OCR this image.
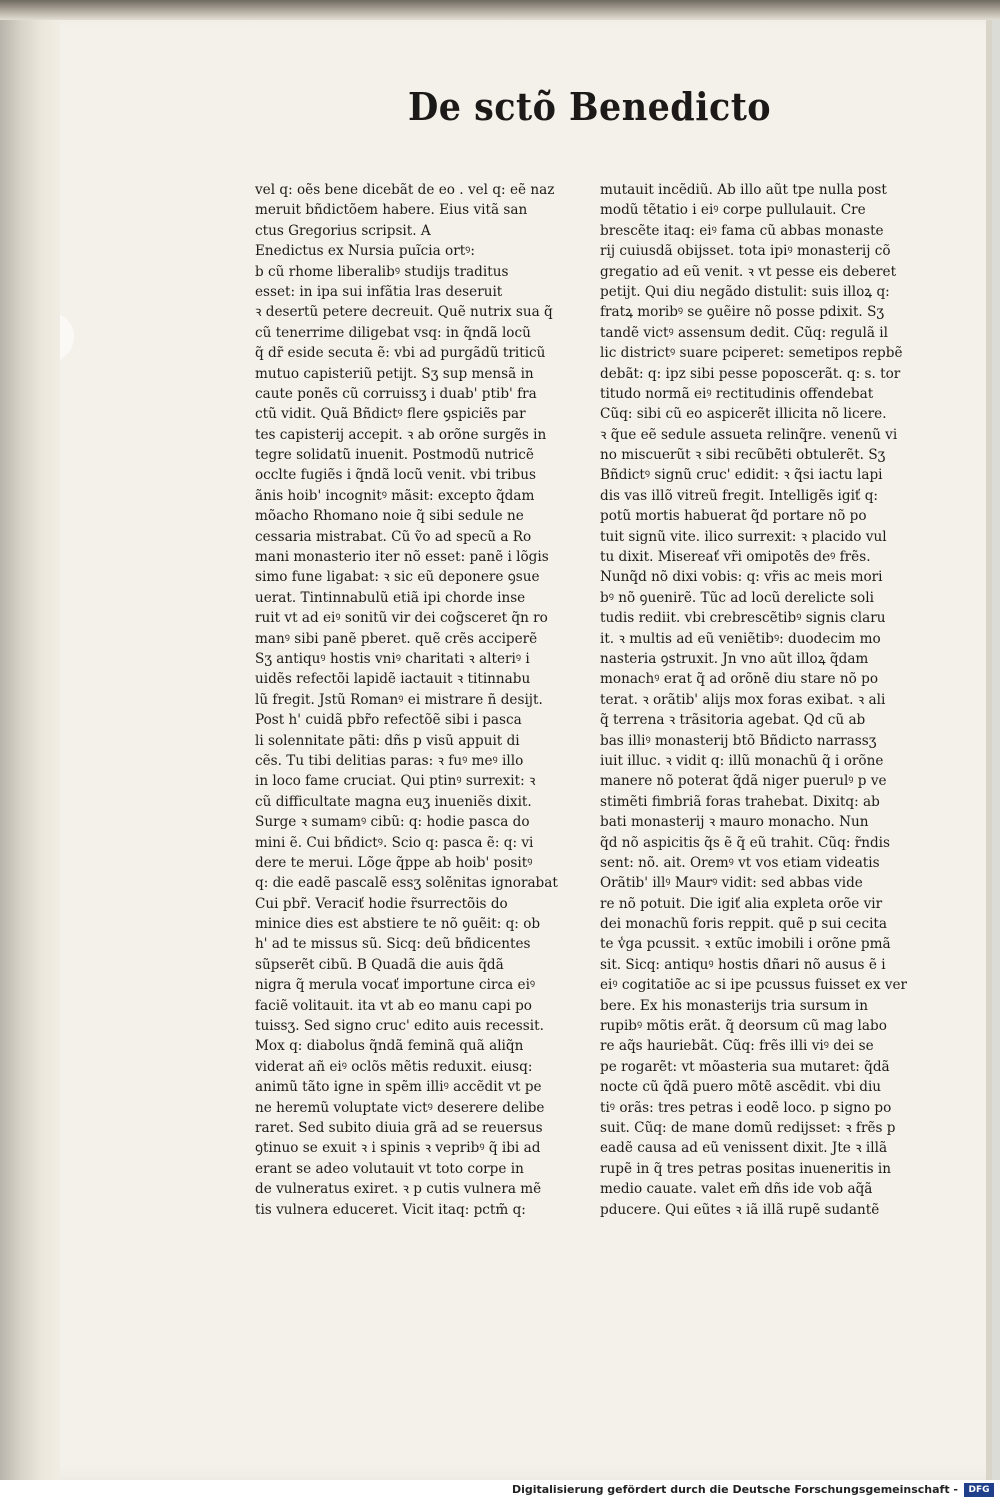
De sctõ Benedicto
vel q: oẽs bene dicebãt de eo . vel q: eẽ naz
meruit bñdictõem habere. Eius vitã san
ctus Gregorius scripsit. A
Enedictus ex Nursia puĩcia ortꝰ:
b cũ rhome liberalibꝰ studijs traditus
esset: in ipa sui infãtia lras deseruit
ꝛ desertũ petere decreuit. Quẽ nutrix sua q̃
cũ tenerrime diligebat vsq: in q̃ndã locũ
q̃ dr̃ eside secuta ẽ: vbi ad purgãdũ triticũ
mutuo capisteriũ petijt. Sʒ sup mensã in
caute ponẽs cũ corruissʒ i duab' ptib' fra
ctũ vidit. Quã Bñdictꝰ flere ꝯspiciẽs par
tes capisterij accepit. ꝛ ab orõne surgẽs in
tegre solidatũ inuenit. Postmodũ nutricẽ
occlte fugiẽs i q̃ndã locũ venit. vbi tribus
ãnis hoib' incognitꝰ mãsit: excepto q̃dam
mõacho Rhomano noie q̃ sibi sedule ne
cessaria mistrabat. Cũ ṽo ad specũ a Ro
mani monasterio iter nõ esset: panẽ i lõgis
simo fune ligabat: ꝛ sic eũ deponere ꝯsue
uerat. Tintinnabulũ etiã ipi chorde inse
ruit vt ad eiꝰ sonitũ vir dei cog̃sceret q̃n ro
manꝰ sibi panẽ pberet. quẽ crẽs acciperẽ
Sʒ antiquꝰ hostis vniꝰ charitati ꝛ alteriꝰ i
uidẽs refectõi lapidẽ iactauit ꝛ titinnabu
lũ fregit. Jstũ Romanꝰ ei mistrare ñ desijt.
Post h' cuidã pbr̃o refectõẽ sibi i pasca
li solennitate pãti: dñs p visũ appuit di
cẽs. Tu tibi delitias paras: ꝛ fuꝰ meꝰ illo
in loco fame cruciat. Qui ptinꝰ surrexit: ꝛ
cũ difficultate magna euʒ inueniẽs dixit.
Surge ꝛ sumamꝰ cibũ: q: hodie pasca do
mini ẽ. Cui bñdictꝰ. Scio q: pasca ẽ: q: vi
dere te merui. Lõge q̃ppe ab hoib' positꝰ
q: die eadẽ pascalẽ essʒ solẽnitas ignorabat
Cui pbr̃. Veraciť hodie r̃surrectõis do
minice dies est abstiere te nõ ꝯuẽit: q: ob
h' ad te missus sũ. Sicq: deũ bñdicentes
sũpserẽt cibũ. B Quadã die auis q̃dã
nigra q̃ merula vocať importune circa eiꝰ
faciẽ volitauit. ita vt ab eo manu capi po
tuissʒ. Sed signo cruc' edito auis recessit.
Mox q: diabolus q̃ndã feminã quã aliq̃n
viderat añ eiꝰ oclõs mẽtis reduxit. eiusq:
animũ tãto igne in spẽm illiꝰ accẽdit vt pe
ne heremũ voluptate victꝰ deserere delibe
raret. Sed subito diuia grã ad se reuersus
ꝯtinuo se exuit ꝛ i spinis ꝛ vepribꝰ q̃ ibi ad
erant se adeo volutauit vt toto corpe in
de vulneratus exiret. ꝛ p cutis vulnera mẽ
tis vulnera educeret. Vicit itaq: pctm̃ q:
mutauit incẽdiũ. Ab illo aũt tpe nulla post
modũ tẽtatio i eiꝰ corpe pullulauit. Cre
brescẽte itaq: eiꝰ fama cũ abbas monaste
rij cuiusdã obijsset. tota ipiꝰ monasterij cõ
gregatio ad eũ venit. ꝛ vt pesse eis deberet
petijt. Qui diu negãdo distulit: suis illoꝝ q:
fratꝝ moribꝰ se ꝯuẽire nõ posse pdixit. Sʒ
tandẽ victꝰ assensum dedit. Cũq: regulã il
lic districtꝰ suare pciperet: semetipos repbẽ
debãt: q: ipz sibi pesse poposcerãt. q: s. tor
titudo normã eiꝰ rectitudinis offendebat
Cũq: sibi cũ eo aspicerẽt illicita nõ licere.
ꝛ q̃ue eẽ sedule assueta relinq̃re. venenũ vi
no miscuerũt ꝛ sibi recũbẽti obtulerẽt. Sʒ
Bñdictꝰ signũ cruc' edidit: ꝛ q̃si iactu lapi
dis vas illõ vitreũ fregit. Intelligẽs igiť q:
potũ mortis habuerat q̃d portare nõ po
tuit signũ vite. ilico surrexit: ꝛ placido vul
tu dixit. Misereať vr̃i omipotẽs deꝰ frẽs.
Nunq̃d nõ dixi vobis: q: vr̃is ac meis mori
bꝰ nõ ꝯuenirẽ. Tũc ad locũ derelicte soli
tudis rediit. vbi crebrescẽtibꝰ signis claru
it. ꝛ multis ad eũ veniẽtibꝰ: duodecim mo
nasteria ꝯstruxit. Jn vno aũt illoꝝ q̃dam
monachꝰ erat q̃ ad orõnẽ diu stare nõ po
terat. ꝛ orãtib' alijs mox foras exibat. ꝛ ali
q̃ terrena ꝛ trãsitoria agebat. Qd cũ ab
bas illiꝰ monasterij btõ Bñdicto narrassʒ
iuit illuc. ꝛ vidit q: illũ monachũ q̃ i orõne
manere nõ poterat q̃dã niger puerulꝰ p ve
stimẽti fimbriã foras trahebat. Dixitq: ab
bati monasterij ꝛ mauro monacho. Nun
q̃d nõ aspicitis q̃s ẽ q̃ eũ trahit. Cũq: r̃ndis
sent: nõ. ait. Oremꝰ vt vos etiam videatis
Orãtib' illꝰ Maurꝰ vidit: sed abbas vide
re nõ potuit. Die igiť alia expleta orõe vir
dei monachũ foris reppit. quẽ p sui cecita
te v̾ga pcussit. ꝛ extũc imobili i orõne pmã
sit. Sicq: antiquꝰ hostis dñari nõ ausus ẽ i
eiꝰ cogitatiõe ac si ipe pcussus fuisset ex ver
bere. Ex his monasterijs tria sursum in
rupibꝰ mõtis erãt. q̃ deorsum cũ mag labo
re aq̃s hauriebãt. Cũq: frẽs illi viꝰ dei se
pe rogarẽt: vt mõasteria sua mutaret: q̃dã
nocte cũ q̃dã puero mõtẽ ascẽdit. vbi diu
tiꝰ orãs: tres petras i eodẽ loco. p signo po
suit. Cũq: de mane domũ redijsset: ꝛ frẽs p
eadẽ causa ad eũ venissent dixit. Jte ꝛ illã
rupẽ in q̃ tres petras positas inueneritis in
medio cauate. valet em̃ dñs ide vob aq̃ã
pducere. Qui eũtes ꝛ iã illã rupẽ sudantẽ
Digitalisierung gefördert durch die Deutsche Forschungsgemeinschaft -	DFG
